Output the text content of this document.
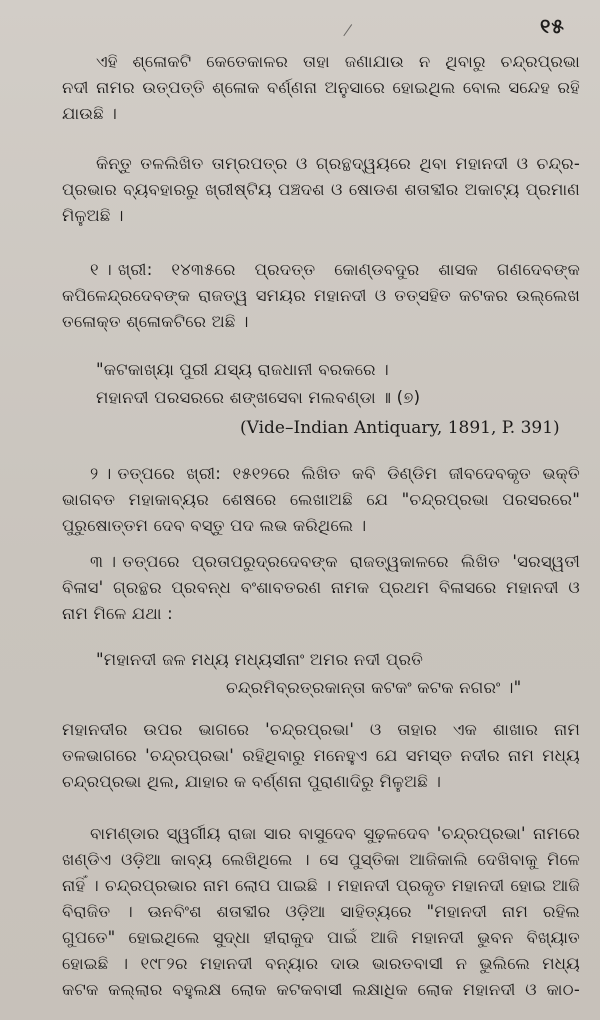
୧୫
ଏହି ଶ୍ଳୋକଟି କେତେକାଳର ତାହା ଜଣାଯାଉ ନ ଥିବାରୁ ଚନ୍ଦ୍ରପ୍ରଭା
ନଦୀ ନାମର ଉତ୍ପତ୍ତି ଶ୍ଳୋକ ବର୍ଣ୍ଣନା ଅନୁସାରେ ହୋଇଥିଲ ବୋଲ ସନ୍ଦେହ ରହି
ଯାଉଛି ।
କିନ୍ତୁ ତଳଲିଖିତ ତାମ୍ରପତ୍ର ଓ ଗ୍ରନ୍ଥଦ୍ୱୟରେ ଥିବା ମହାନଦୀ ଓ ଚନ୍ଦ୍ର-
ପ୍ରଭାର ବ୍ୟବହାରରୁ ଖ୍ରୀଷ୍ଟିୟ ପଞ୍ଚଦଶ ଓ ଷୋଡଶ ଶତାବ୍ଦୀର ଅକାଟ୍ୟ ପ୍ରମାଣ
ମିଳୁଅଛି ।
୧ । ଖ୍ରୀ: ୧୪୩୫ରେ ପ୍ରଦତ୍ତ କୋଣ୍ଡବଦୁର ଶାସକ ଗଣଦେବଙ୍କ
କପିଳେନ୍ଦ୍ରଦେବଙ୍କ ରାଜତ୍ୱ ସମୟର ମହାନଦୀ ଓ ତତ୍ସହିତ କଟକର ଉଲ୍ଲେଖ
ତଳୋକ୍ତ ଶ୍ଳୋକଟିରେ ଅଛି ।
"କଟକାଖ୍ୟା ପୁରୀ ଯସ୍ୟ ରାଜଧାନୀ ବରକରେ ।
ମହାନଦୀ ପରସରରେ ଶଙ୍ଖସେବା ମଲବଣ୍ଡା ॥ (୭)
(Vide–Indian Antiquary, 1891, P. 391)
୨ । ତତ୍ପରେ ଖ୍ରୀ: ୧୫୧୨ରେ ଲିଖିତ କବି ଡିଣ୍ଡିମ ଜୀବଦେବକୃତ ଭକ୍ତି
ଭାଗବତ ମହାକାବ୍ୟର ଶେଷରେ ଲେଖାଅଛି ଯେ "ଚନ୍ଦ୍ରପ୍ରଭା ପରସରରେ"
ପୁରୁଷୋତ୍ତମ ଦେବ ବସ୍ତୁ ପଦ ଲଭ କରିଥିଲେ ।
୩ । ତତ୍ପରେ ପ୍ରତାପରୁଦ୍ରଦେବଙ୍କ ରାଜତ୍ୱକାଳରେ ଲିଖିତ 'ସରସ୍ୱତୀ
ବିଳାସ' ଗ୍ରନ୍ଥର ପ୍ରବନ୍ଧ ବଂଶାବତରଣ ନାମକ ପ୍ରଥମ ବିଳାସରେ ମହାନଦୀ ଓ
ନାମ ମିଳେ ଯଥା :
"ମହାନଦୀ ଜଳ ମଧ୍ୟ ମଧ୍ୟସୀନାଂ ଅମର ନଦୀ ପ୍ରତି
ଚନ୍ଦ୍ରମିବ୍ରତ୍ରକାନ୍ତା କଟକଂ କଟକ ନଗରଂ ।"
ମହାନଦୀର ଉପର ଭାଗରେ 'ଚନ୍ଦ୍ରପ୍ରଭା' ଓ ତାହାର ଏକ ଶାଖାର ନାମ
ତଳଭାଗରେ 'ଚନ୍ଦ୍ରପ୍ରଭା' ରହିଥିବାରୁ ମନେହୁଏ ଯେ ସମସ୍ତ ନଦୀର ନାମ ମଧ୍ୟ
ଚନ୍ଦ୍ରପ୍ରଭା ଥିଲ, ଯାହାର କ ବର୍ଣ୍ଣନା ପୁରାଣାଦିରୁ ମିଳୁଅଛି ।
ବାମଣ୍ଡାର ସ୍ୱର୍ଗୀୟ ରାଜା ସାର ବାସୁଦେବ ସୁଢ଼ଳଦେବ 'ଚନ୍ଦ୍ରପ୍ରଭା' ନାମରେ
ଖଣ୍ଡିଏ ଓଡ଼ିଆ କାବ୍ୟ ଲେଖିଥିଲେ । ସେ ପୁସ୍ତିକା ଆଜିକାଲି ଦେଖିବାକୁ ମିଳେ
ନାହିଁ । ଚନ୍ଦ୍ରପ୍ରଭାର ନାମ ଲୋପ ପାଇଛି । ମହାନଦୀ ପ୍ରକୃତ ମହାନଦୀ ହୋଇ ଆଜି
ବିରାଜିତ । ଊନବିଂଶ ଶତାବ୍ଦୀର ଓଡ଼ିଆ ସାହିତ୍ୟରେ "ମହାନଦୀ ନାମ ରହିଲ
ଗୁପତେ" ହୋଇଥିଲେ ସୁଦ୍ଧା ହୀରାକୁଦ ପାଇଁ ଆଜି ମହାନଦୀ ଭୁବନ ବିଖ୍ୟାତ
ହୋଇଛି । ୧୯୮୨ର ମହାନଦୀ ବନ୍ୟାର ଦାଉ ଭାରତବାସୀ ନ ଭୁଲିଲେ ମଧ୍ୟ
କଟକ କଲ୍ଲାର ବହୁଲକ୍ଷ ଲୋକ କଟକବାସୀ ଲକ୍ଷାଧିକ ଲୋକ ମହାନଦୀ ଓ କାଠ-
